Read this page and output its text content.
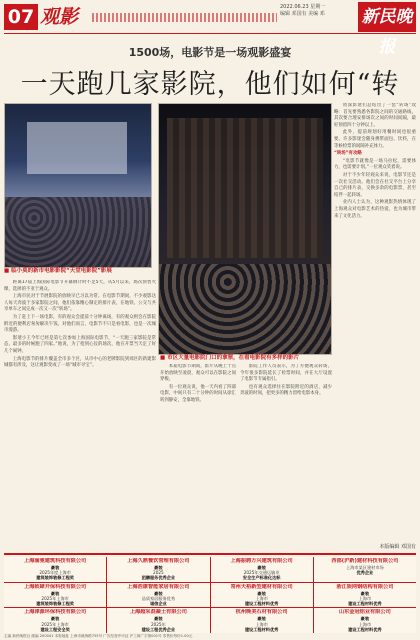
07 观影	2022.06.23 星期一
编辑 邓国有 美编 邓 新民晚报
1500场，电影节是一场观影盛宴
一天跑几家影院，他们如何“转
■ 临小莫的新市电影影院“天堂电影院”影展
■ 市区大量电影院门口的拿票，在看电影院有多样的影片

距离17届上海国际电影节开幕倒计时不足5天，从5月以来，场次预售火爆，选择的不亚于观众。

上海市民对于节展影院的放映早已习以为常。在电影节期间，不少观影达人每天奔波于多家影院之间，他们依靠精心制定的排片表，在地铁、公交与共享单车之间完成一次又一次“转场”。

为了赶上下一场电影，有的观众会提前十分钟离场，有的观众则会在影院附近的便利店匆匆解决午饭。对他们而言，电影节不只是看电影，也是一次城市漫游。

影迷小王今年已经是第七次参加上海国际电影节，“一天跑三家影院是常态，最多的时候跑了四家。”他说，为了抢到心仪的场次，他在开票当天定了好几个闹钟。

上海电影节的排片覆盖全市多个区，从市中心的老牌影院到郊区的新建影城都有涉及，这让观影变成了一场“城市寻宝”。	本届电影节期间，影片从晚上十点开始放映至凌晨，观众可以在影院之间穿梭。

有一位观众说，他一天内看了四部电影，中间只有二十分钟的时间从徐汇转到静安，全靠地铁。

影院工作人员表示，为了方便观众转场，今年很多影院延长了检票时间，并在大厅设置了电影节专属指引。

也有观众选择住在影院附近的酒店，减少奔波的时间，把更多的精力留给电影本身。

资深影迷们总结出了一套“转场”攻略：首先要熟悉各影院之间的交通路线，其次要合理安排场次之间的时间间隔，最好预留四十分钟以上。

此外，提前规划好用餐时间也很重要。许多影迷会随身携带面包、饮料，在等候检票的间隙补充体力。

“转场”有攻略

“电影节就像是一场马拉松，需要体力，也需要计划。”一位观众笑着说。

对于不少年轻观众来说，电影节还是一次社交活动。他们会在社交平台上分享自己的排片表，交换多余的电影票，甚至结伴一起转场。

业内人士认为，这种观影热情体现了上海观众对电影艺术的热爱，也为城市带来了文化活力。

本版编辑 邓国有
上海渝驰建筑科技有限公司
豪装
2025年度上海市
建筑装饰装修工程奖
上海久鼎餐饮管理有限公司
豪装
2025
团膳服务优秀企业
上海振聘万兴建筑有限公司
豪装
2025年交通运输业
安全生产标准化达标
西部(沪新)建材科技有限公司
上海市某区建材市场
优秀企业
上海致肆开保科技有限公司
豪装
2025年上海市
建筑装饰装修工程奖
上海浩康智能家居有限公司
豪装
品质家居服务优秀
诚信企业
常州天裕新型建材有限公司
豪装
上海市
建设工程材料优秀
浙江娱网钢结构有限公司
豪装
上海市
建设工程材料优秀
上海津源环保科技有限公司
豪装
2025年上海市
建设工程安全奖
上海超采混凝土有限公司
豪装
2025年
建设工程优秀企业
杭州晚美石材有限公司
豪装
上海市
建设工程材料优秀
山东金冠铝业有限公司
豪装
上海市
建设工程材料优秀
主编 新民晚报社 邮编 200041 本报地址 上海市威海路755号 广告经营许可证 沪工商广字第001号 零售价每份1.00元
